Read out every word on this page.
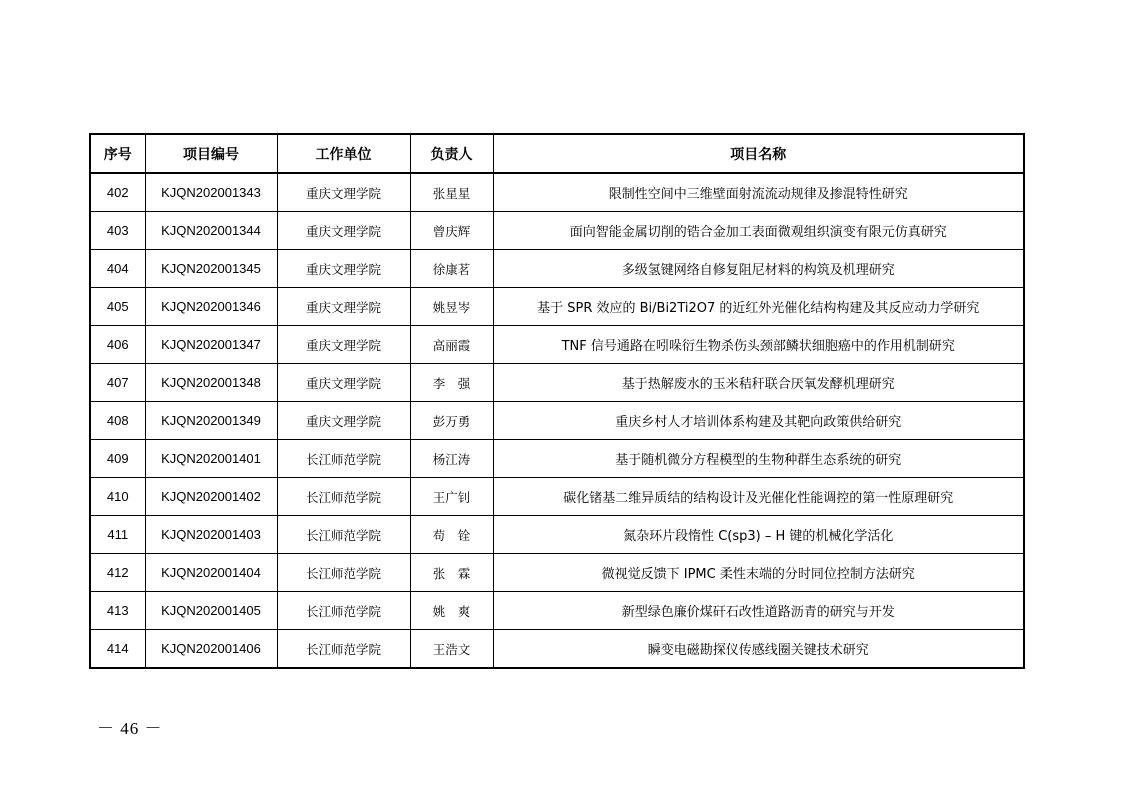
序号	项目编号	工作单位	负责人	项目名称
402	KJQN202001343	重庆文理学院	张星星	限制性空间中三维壁面射流流动规律及掺混特性研究
403	KJQN202001344	重庆文理学院	曾庆辉	面向智能金属切削的锆合金加工表面微观组织演变有限元仿真研究
404	KJQN202001345	重庆文理学院	徐康茗	多级氢键网络自修复阻尼材料的构筑及机理研究
405	KJQN202001346	重庆文理学院	姚昱岑	基于 SPR 效应的 Bi/Bi2Ti2O7 的近红外光催化结构构建及其反应动力学研究
406	KJQN202001347	重庆文理学院	高丽霞	TNF 信号通路在吲哚衍生物杀伤头颈部鳞状细胞癌中的作用机制研究
407	KJQN202001348	重庆文理学院	李　强	基于热解废水的玉米秸秆联合厌氧发酵机理研究
408	KJQN202001349	重庆文理学院	彭万勇	重庆乡村人才培训体系构建及其靶向政策供给研究
409	KJQN202001401	长江师范学院	杨江涛	基于随机微分方程模型的生物种群生态系统的研究
410	KJQN202001402	长江师范学院	王广钊	碳化锗基二维异质结的结构设计及光催化性能调控的第一性原理研究
411	KJQN202001403	长江师范学院	苟　铨	氮杂环片段惰性 C(sp3) – H 键的机械化学活化
412	KJQN202001404	长江师范学院	张　霖	微视觉反馈下 IPMC 柔性末端的分时同位控制方法研究
413	KJQN202001405	长江师范学院	姚　爽	新型绿色廉价煤矸石改性道路沥青的研究与开发
414	KJQN202001406	长江师范学院	王浩文	瞬变电磁勘探仪传感线圈关键技术研究
－ 46 －
